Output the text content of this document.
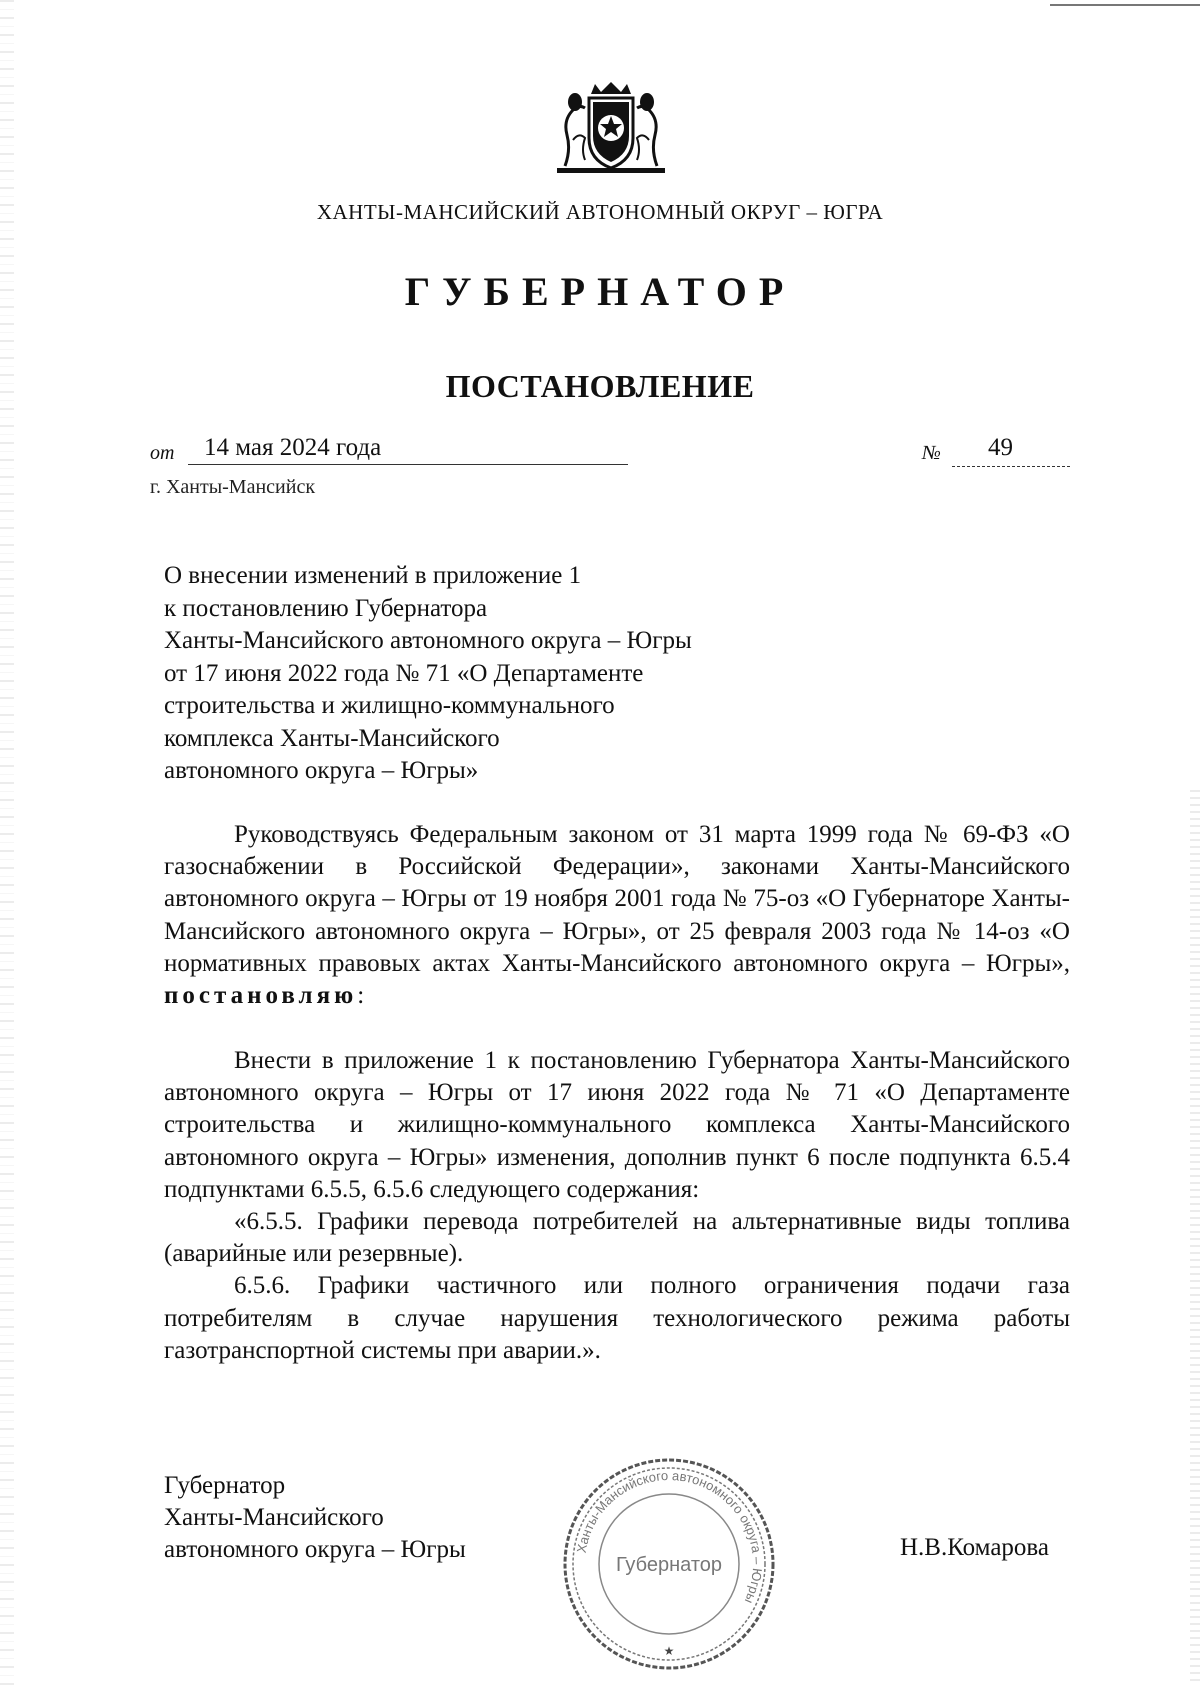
ХАНТЫ-МАНСИЙСКИЙ АВТОНОМНЫЙ ОКРУГ – ЮГРА
ГУБЕРНАТОР
ПОСТАНОВЛЕНИЕ
от 14 мая 2024 года	№ 49
г. Ханты-Мансийск
О внесении изменений в приложение 1
к постановлению Губернатора
Ханты-Мансийского автономного округа – Югры
от 17 июня 2022 года № 71 «О Департаменте
строительства и жилищно-коммунального
комплекса Ханты-Мансийского
автономного округа – Югры»

Руководствуясь Федеральным законом от 31 марта 1999 года № 69-ФЗ «О газоснабжении в Российской Федерации», законами Ханты-Мансийского автономного округа – Югры от 19 ноября 2001 года № 75-оз «О Губернаторе Ханты-Мансийского автономного округа – Югры», от 25 февраля 2003 года № 14-оз «О нормативных правовых актах Ханты-Мансийского автономного округа – Югры», постановляю:

Внести в приложение 1 к постановлению Губернатора Ханты-Мансийского автономного округа – Югры от 17 июня 2022 года № 71 «О Департаменте строительства и жилищно-коммунального комплекса Ханты-Мансийского автономного округа – Югры» изменения, дополнив пункт 6 после подпункта 6.5.4 подпунктами 6.5.5, 6.5.6 следующего содержания:

«6.5.5. Графики перевода потребителей на альтернативные виды топлива (аварийные или резервные).

6.5.6. Графики частичного или полного ограничения подачи газа потребителям в случае нарушения технологического режима работы газотранспортной системы при аварии.».

Губернатор
Ханты-Мансийского
автономного округа – Югры	Н.В.Комарова
Ханты-Мансийского автономного округа – Югры
Губернатор
★
